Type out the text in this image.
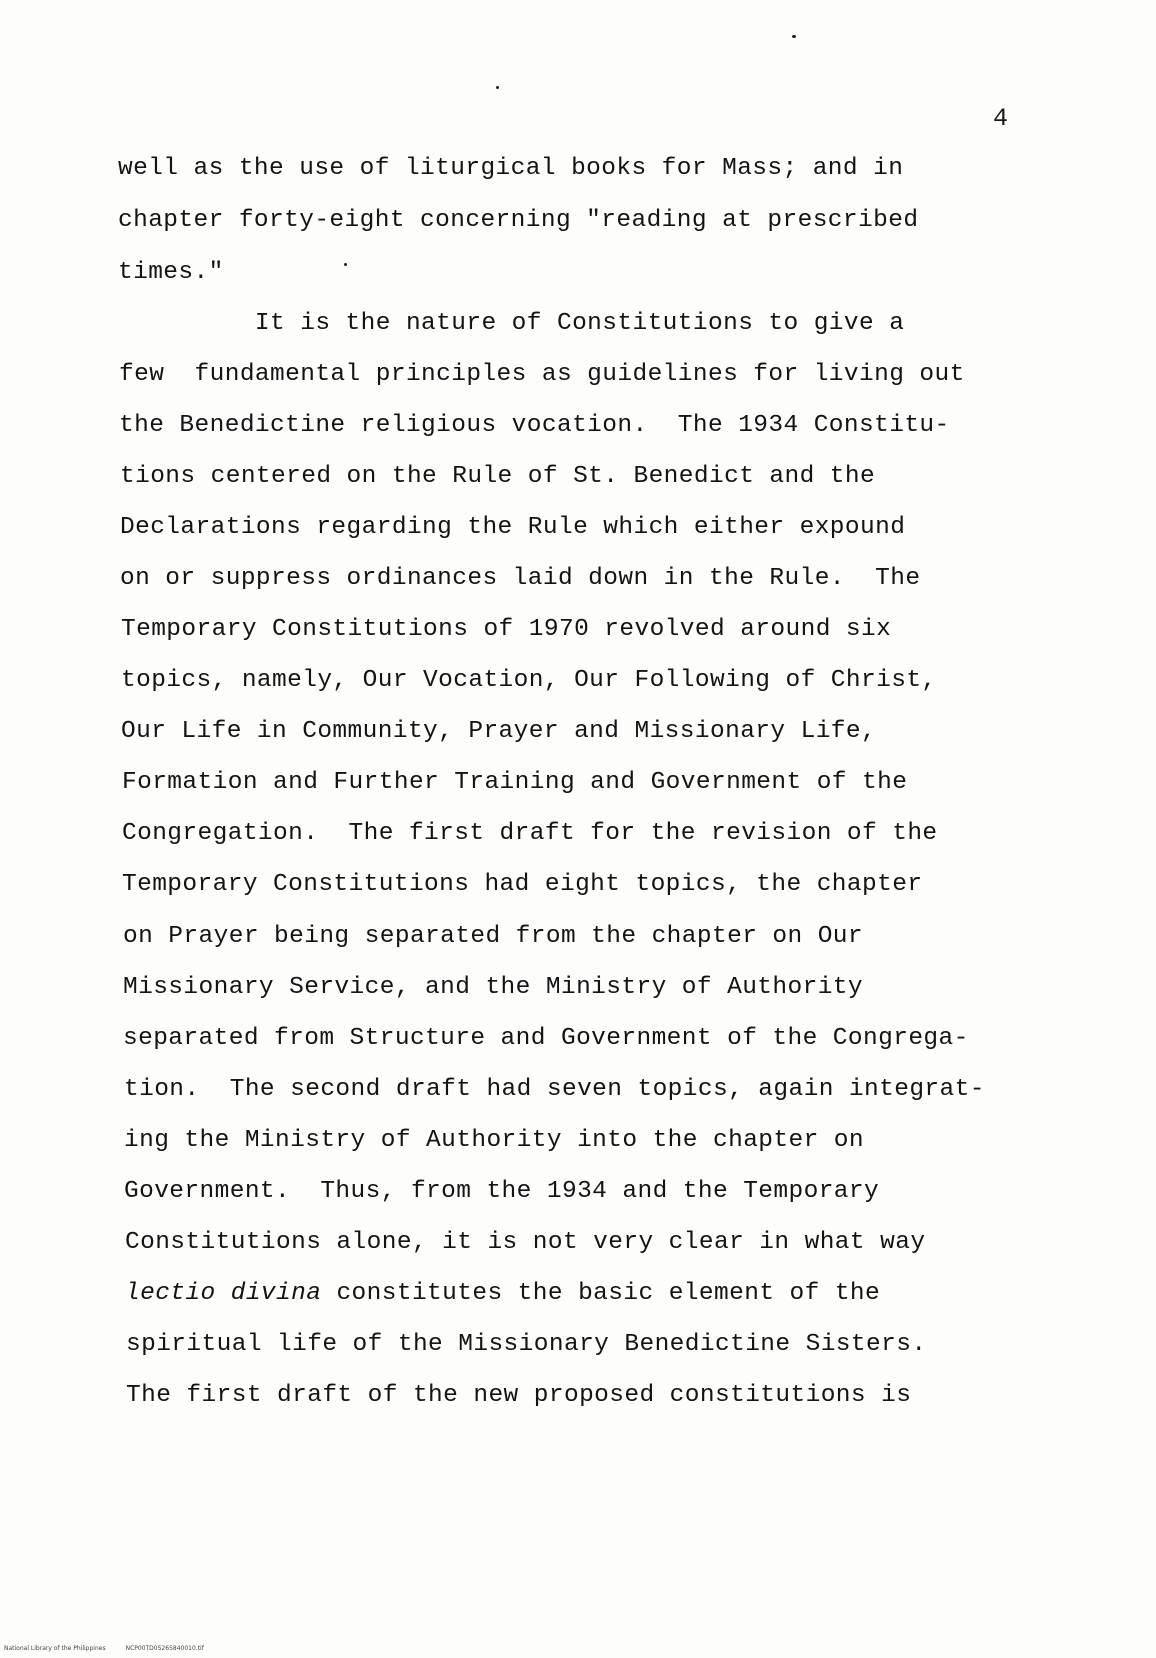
4
well as the use of liturgical books for Mass; and in
chapter forty-eight concerning "reading at prescribed
times."
It is the nature of Constitutions to give a
few  fundamental principles as guidelines for living out
the Benedictine religious vocation.  The 1934 Constitu-
tions centered on the Rule of St. Benedict and the
Declarations regarding the Rule which either expound
on or suppress ordinances laid down in the Rule.  The
Temporary Constitutions of 1970 revolved around six
topics, namely, Our Vocation, Our Following of Christ,
Our Life in Community, Prayer and Missionary Life,
Formation and Further Training and Government of the
Congregation.  The first draft for the revision of the
Temporary Constitutions had eight topics, the chapter
on Prayer being separated from the chapter on Our
Missionary Service, and the Ministry of Authority
separated from Structure and Government of the Congrega-
tion.  The second draft had seven topics, again integrat-
ing the Ministry of Authority into the chapter on
Government.  Thus, from the 1934 and the Temporary
Constitutions alone, it is not very clear in what way
lectio divina constitutes the basic element of the
spiritual life of the Missionary Benedictine Sisters.
The first draft of the new proposed constitutions is
National Library of the Philippines	NCP00TD05265840010.tif
